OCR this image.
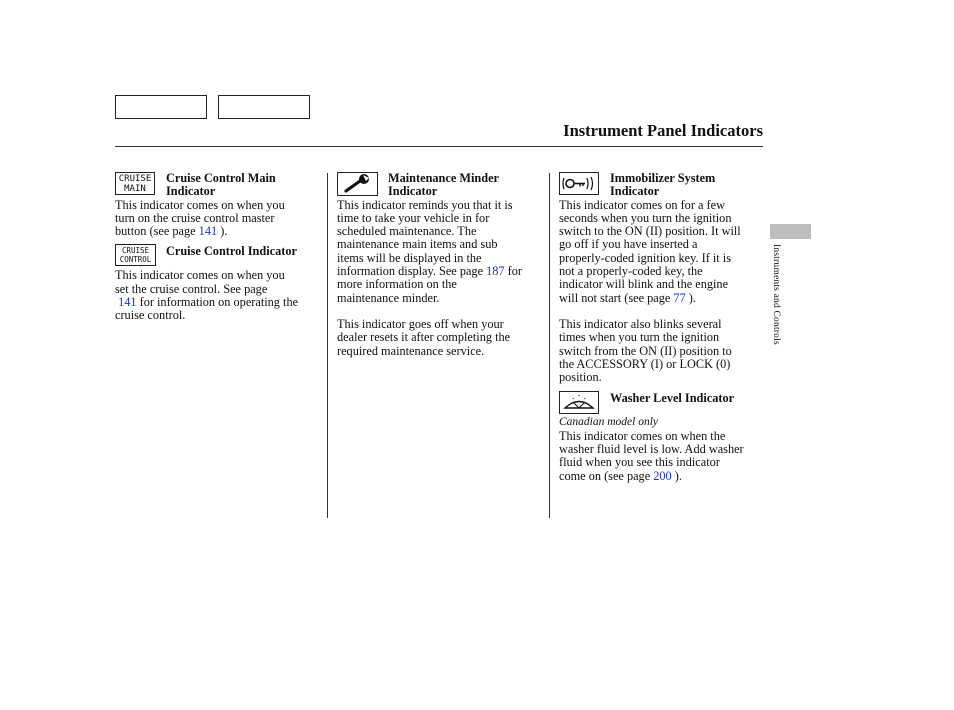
Instrument Panel Indicators
Instruments and Controls
CRUISE
MAIN
Cruise Control Main
Indicator

This indicator comes on when you

turn on the cruise control master

button (see page 141 ).

CRUISE
CONTROL
Cruise Control Indicator

This indicator comes on when you

set the cruise control. See page

141 for information on operating the

cruise control.

Maintenance Minder
Indicator

This indicator reminds you that it is

time to take your vehicle in for

scheduled maintenance. The

maintenance main items and sub

items will be displayed in the

information display. See page 187 for

more information on the

maintenance minder.

This indicator goes off when your

dealer resets it after completing the

required maintenance service.

Immobilizer System
Indicator

This indicator comes on for a few

seconds when you turn the ignition

switch to the ON (II) position. It will

go off if you have inserted a

properly-coded ignition key. If it is

not a properly-coded key, the

indicator will blink and the engine

will not start (see page 77 ).

This indicator also blinks several

times when you turn the ignition

switch from the ON (II) position to

the ACCESSORY (I) or LOCK (0)

position.

Washer Level Indicator

Canadian model only

This indicator comes on when the

washer fluid level is low. Add washer

fluid when you see this indicator

come on (see page 200 ).
